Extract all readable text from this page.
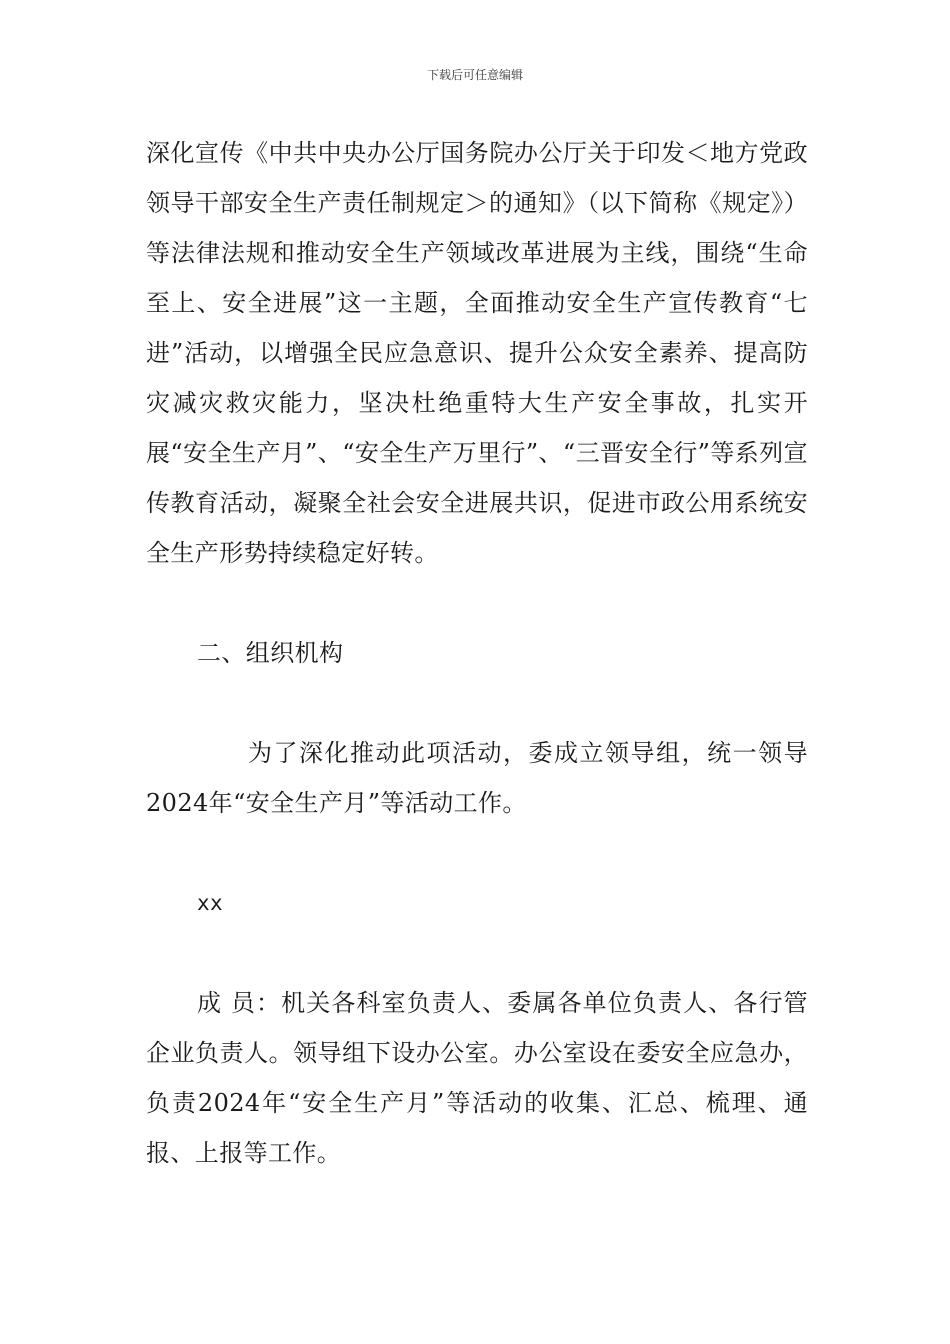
下载后可任意编辑

深化宣传《中共中央办公厅国务院办公厅关于印发＜地方党政领导干部安全生产责任制规定＞的通知》（以下简称《规定》）等法律法规和推动安全生产领域改革进展为主线，围绕“生命至上、安全进展”这一主题，全面推动安全生产宣传教育“七进”活动，以增强全民应急意识、提升公众安全素养、提高防灾减灾救灾能力，坚决杜绝重特大生产安全事故，扎实开展“安全生产月”、“安全生产万里行”、“三晋安全行”等系列宣传教育活动，凝聚全社会安全进展共识，促进市政公用系统安全生产形势持续稳定好转。

二、组织机构

为了深化推动此项活动，委成立领导组，统一领导2024年“安全生产月”等活动工作。

xx

成 员：机关各科室负责人、委属各单位负责人、各行管企业负责人。领导组下设办公室。办公室设在委安全应急办，负责2024年“安全生产月”等活动的收集、汇总、梳理、通报、上报等工作。
